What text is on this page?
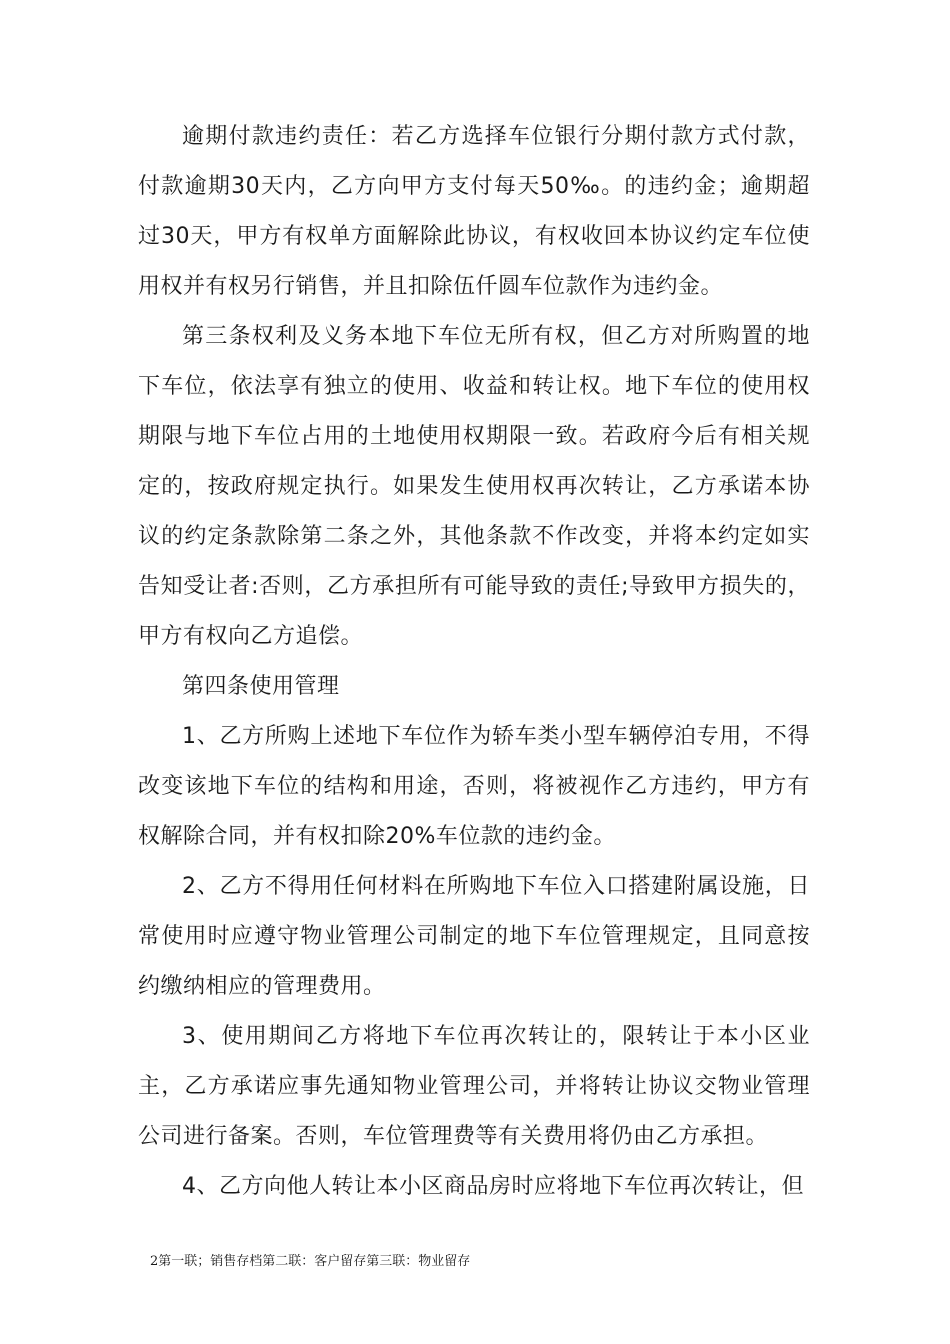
逾期付款违约责任：若乙方选择车位银行分期付款方式付款，付款逾期30天内，乙方向甲方支付每天50‰。的违约金；逾期超过30天，甲方有权单方面解除此协议，有权收回本协议约定车位使用权并有权另行销售，并且扣除伍仟圆车位款作为违约金。

第三条权利及义务本地下车位无所有权，但乙方对所购置的地下车位，依法享有独立的使用、收益和转让权。地下车位的使用权期限与地下车位占用的土地使用权期限一致。若政府今后有相关规定的，按政府规定执行。如果发生使用权再次转让，乙方承诺本协议的约定条款除第二条之外，其他条款不作改变，并将本约定如实告知受让者:否则，乙方承担所有可能导致的责任;导致甲方损失的，甲方有权向乙方追偿。

第四条使用管理

1、乙方所购上述地下车位作为轿车类小型车辆停泊专用，不得改变该地下车位的结构和用途，否则，将被视作乙方违约，甲方有权解除合同，并有权扣除20%车位款的违约金。

2、乙方不得用任何材料在所购地下车位入口搭建附属设施，日常使用时应遵守物业管理公司制定的地下车位管理规定，且同意按约缴纳相应的管理费用。

3、使用期间乙方将地下车位再次转让的，限转让于本小区业主，乙方承诺应事先通知物业管理公司，并将转让协议交物业管理公司进行备案。否则，车位管理费等有关费用将仍由乙方承担。

4、乙方向他人转让本小区商品房时应将地下车位再次转让，但

2第一联；销售存档第二联：客户留存第三联：物业留存
